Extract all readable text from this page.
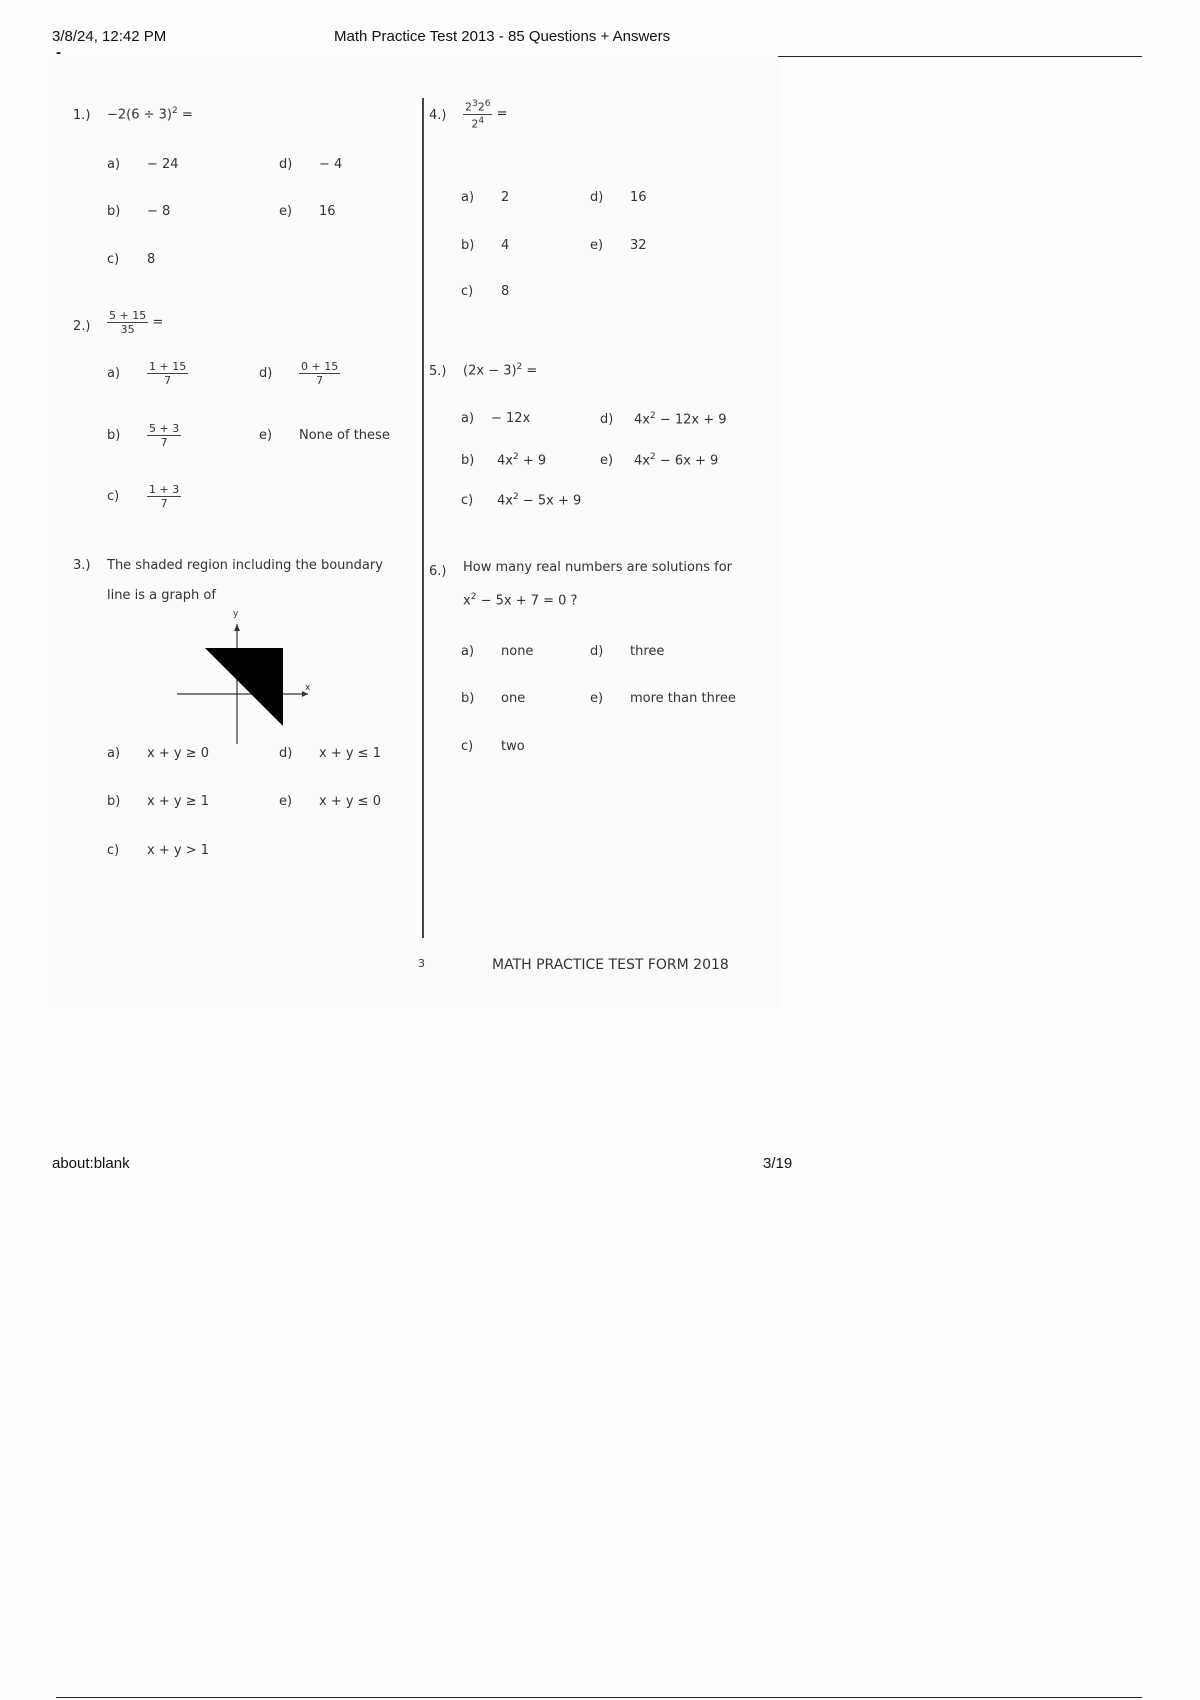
3/8/24, 12:42 PM	Math Practice Test 2013 - 85 Questions + Answers
-
$1.) -2(6 \div 3)^2$ =
a) − 24
b) − 8
c) 8
d) − 4
e) 16
$2.) \frac{5 + 15}{35}$ =
$a) \frac{1 + 15}{7}$
$b) \frac{5 + 3}{7}$
c)	$\frac{1 + 3}{7}$
$d) \frac{0 + 15}{7}$
e) None of these
3.) The shaded region including the boundary
line is a graph of
y
x
a) x + y ≥ 0
b) x + y ≥ 1
c) x + y > 1
d) x + y ≤ 1
e) x + y ≤ 0
$4.) \frac{2^32^6}{2^4}$ =
a) 2
b) 4
c) 8
d) 16
e) 32
5.) $(2x - 3)^2$ =
a) − 12x
b) $4x^2 + 9$
c) $4x^2 - 5x + 9$
d) $4x^2 - 12x + 9$
e) $4x^2 - 6x + 9$
6.) How many real numbers are solutions for
$x^2 - 5x + 7 = 0$ ?
a) none
b) one
c) two
d) three
e) more than three
3	MATH PRACTICE TEST FORM 2018
about:blank	3/19
